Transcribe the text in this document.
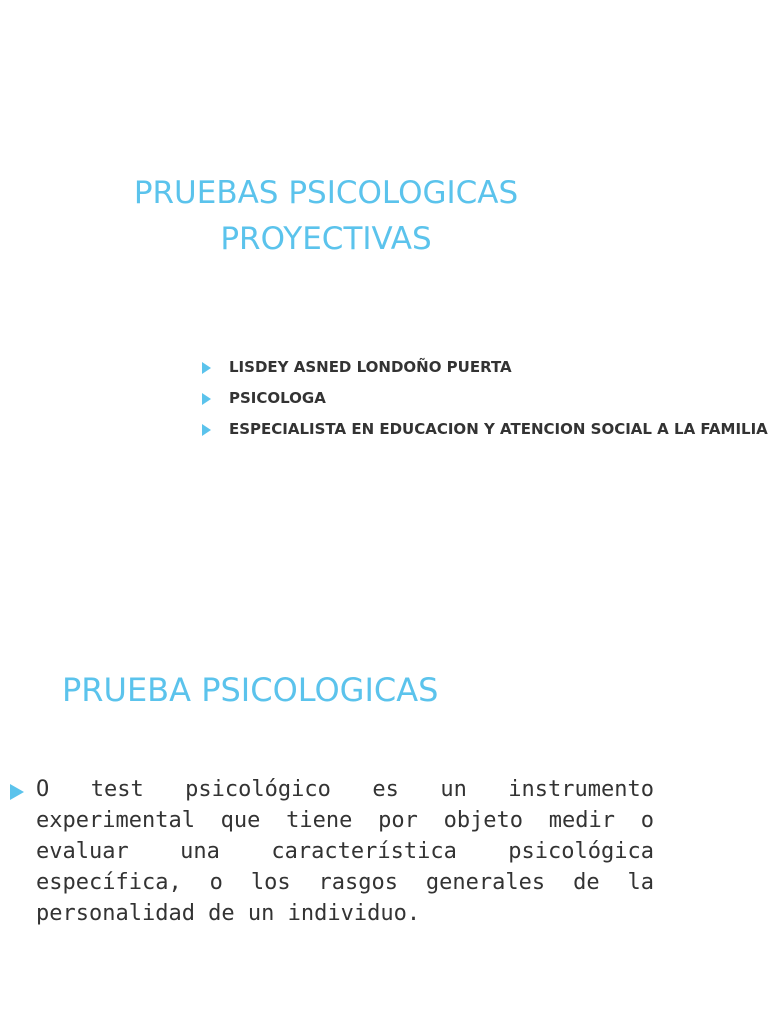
PRUEBAS PSICOLOGICAS
PROYECTIVAS
LISDEY ASNED LONDOÑO PUERTA
PSICOLOGA
ESPECIALISTA EN EDUCACION Y ATENCION SOCIAL A LA FAMILIA
PRUEBA PSICOLOGICAS

O test psicológico es un instrumento experimental que tiene por objeto medir o evaluar una característica psicológica específica, o los rasgos generales de la personalidad de un individuo.
